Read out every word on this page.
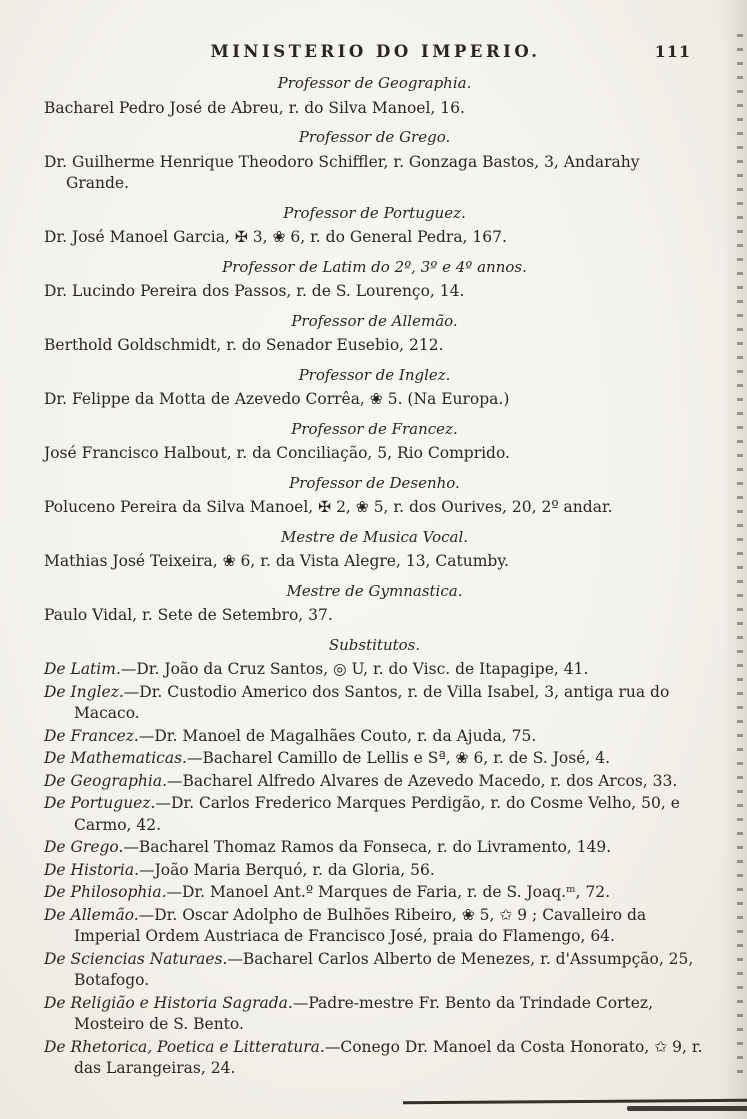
MINISTERIO DO IMPERIO.	111
Professor de Geographia.

Bacharel Pedro José de Abreu, r. do Silva Manoel, 16.

Professor de Grego.

Dr. Guilherme Henrique Theodoro Schiffler, r. Gonzaga Bastos, 3, Andarahy Grande.

Professor de Portuguez.

Dr. José Manoel Garcia, ✠ 3, ❀ 6, r. do General Pedra, 167.

Professor de Latim do 2º, 3º e 4º annos.

Dr. Lucindo Pereira dos Passos, r. de S. Lourenço, 14.

Professor de Allemão.

Berthold Goldschmidt, r. do Senador Eusebio, 212.

Professor de Inglez.

Dr. Felippe da Motta de Azevedo Corrêa, ❀ 5. (Na Europa.)

Professor de Francez.

José Francisco Halbout, r. da Conciliação, 5, Rio Comprido.

Professor de Desenho.

Poluceno Pereira da Silva Manoel, ✠ 2, ❀ 5, r. dos Ourives, 20, 2º andar.

Mestre de Musica Vocal.

Mathias José Teixeira, ❀ 6, r. da Vista Alegre, 13, Catumby.

Mestre de Gymnastica.

Paulo Vidal, r. Sete de Setembro, 37.

Substitutos.

De Latim.—Dr. João da Cruz Santos, ◎ U, r. do Visc. de Itapagipe, 41.

De Inglez.—Dr. Custodio Americo dos Santos, r. de Villa Isabel, 3, antiga rua do Macaco.

De Francez.—Dr. Manoel de Magalhães Couto, r. da Ajuda, 75.

De Mathematicas.—Bacharel Camillo de Lellis e Sª, ❀ 6, r. de S. José, 4.

De Geographia.—Bacharel Alfredo Alvares de Azevedo Macedo, r. dos Arcos, 33.

De Portuguez.—Dr. Carlos Frederico Marques Perdigão, r. do Cosme Velho, 50, e Carmo, 42.

De Grego.—Bacharel Thomaz Ramos da Fonseca, r. do Livramento, 149.

De Historia.—João Maria Berquó, r. da Gloria, 56.

De Philosophia.—Dr. Manoel Ant.º Marques de Faria, r. de S. Joaq.ᵐ, 72.

De Allemão.—Dr. Oscar Adolpho de Bulhões Ribeiro, ❀ 5, ✩ 9 ; Cavalleiro da Imperial Ordem Austriaca de Francisco José, praia do Flamengo, 64.

De Sciencias Naturaes.—Bacharel Carlos Alberto de Menezes, r. d'Assumpção, 25, Botafogo.

De Religião e Historia Sagrada.—Padre-mestre Fr. Bento da Trindade Cortez, Mosteiro de S. Bento.

De Rhetorica, Poetica e Litteratura.—Conego Dr. Manoel da Costa Honorato, ✩ 9, r. das Larangeiras, 24.
